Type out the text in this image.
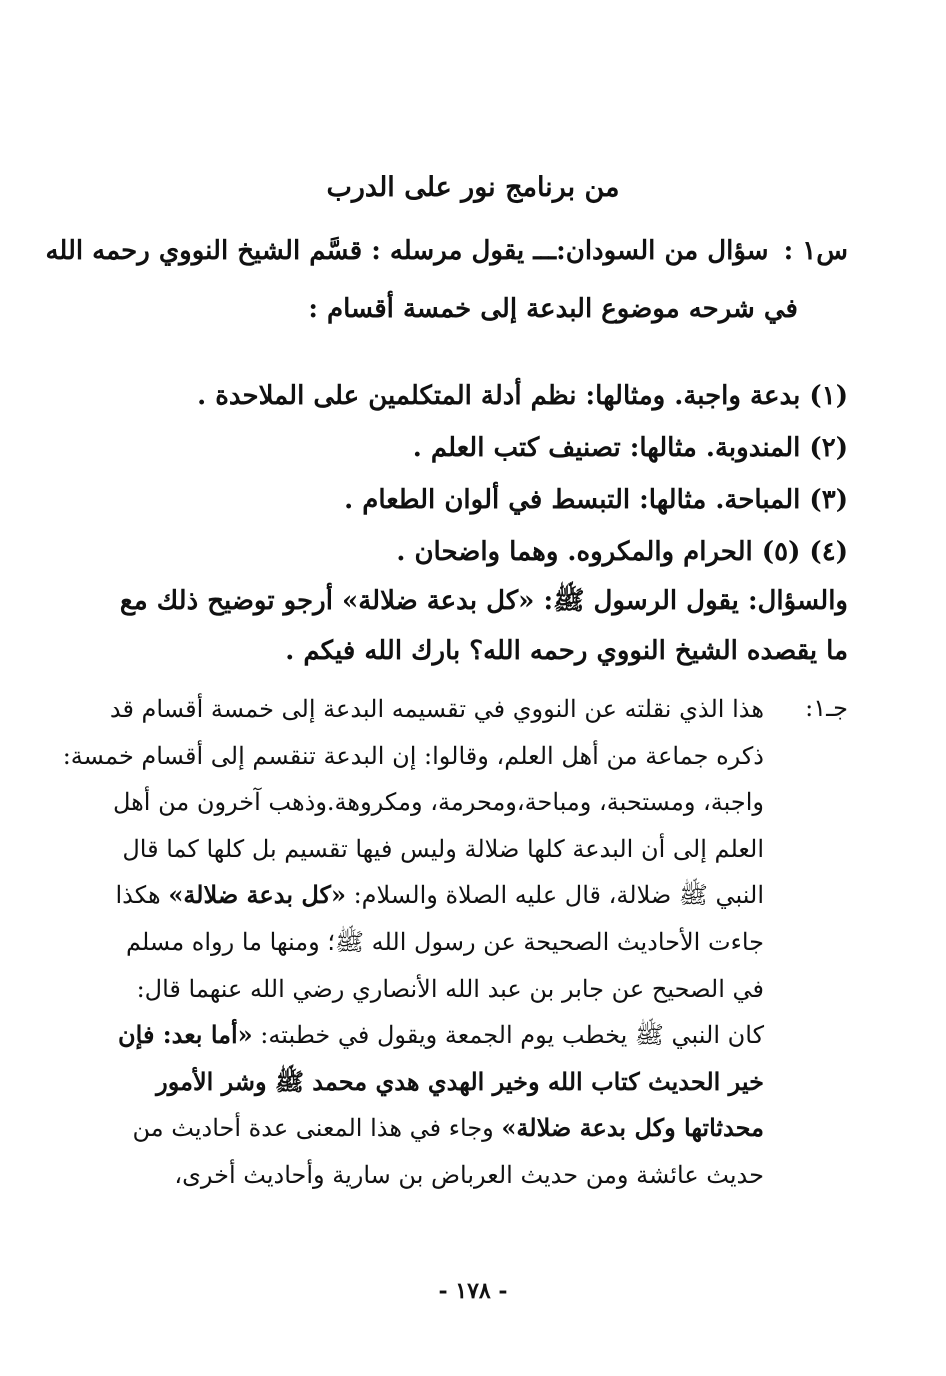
من برنامج نور على الدرب
س١ : سؤال من السودان:ـــ يقول مرسله : قسَّم الشيخ النووي رحمه الله
في شرحه موضوع البدعة إلى خمسة أقسام :
(١) بدعة واجبة. ومثالها: نظم أدلة المتكلمين على الملاحدة .
(٢) المندوبة. مثالها: تصنيف كتب العلم .
(٣) المباحة. مثالها: التبسط في ألوان الطعام .
(٤) (٥) الحرام والمكروه. وهما واضحان .
والسؤال: يقول الرسول ﷺ: «كل بدعة ضلالة» أرجو توضيح ذلك مع
ما يقصده الشيخ النووي رحمه الله؟ بارك الله فيكم .
جـ١:
هذا الذي نقلته عن النووي في تقسيمه البدعة إلى خمسة أقسام قد
ذكره جماعة من أهل العلم، وقالوا: إن البدعة تنقسم إلى أقسام خمسة:
واجبة، ومستحبة، ومباحة،ومحرمة، ومكروهة.وذهب آخرون من أهل
العلم إلى أن البدعة كلها ضلالة وليس فيها تقسيم بل كلها كما قال
النبي ﷺ ضلالة، قال عليه الصلاة والسلام: «كل بدعة ضلالة» هكذا
جاءت الأحاديث الصحيحة عن رسول الله ﷺ؛ ومنها ما رواه مسلم
في الصحيح عن جابر بن عبد الله الأنصاري رضي الله عنهما قال:
كان النبي ﷺ يخطب يوم الجمعة ويقول في خطبته: «أما بعد: فإن
خير الحديث كتاب الله وخير الهدي هدي محمد ﷺ وشر الأمور
محدثاتها وكل بدعة ضلالة» وجاء في هذا المعنى عدة أحاديث من
حديث عائشة ومن حديث العرباض بن سارية وأحاديث أخرى،
- ١٧٨ -
